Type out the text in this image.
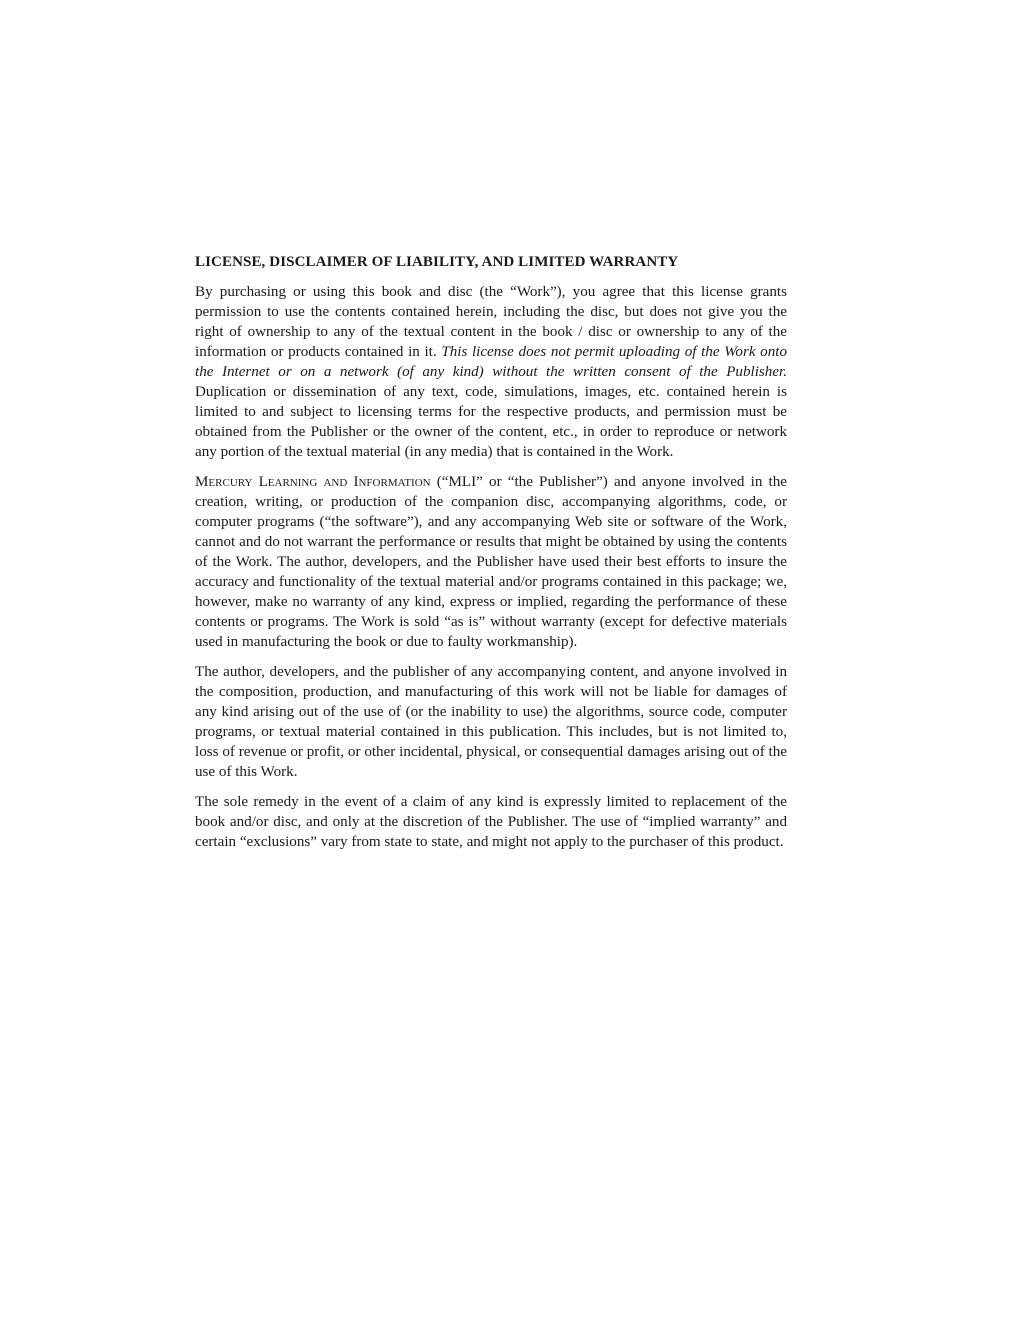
LICENSE, DISCLAIMER OF LIABILITY, AND LIMITED WARRANTY

By purchasing or using this book and disc (the “Work”), you agree that this license grants permission to use the contents contained herein, including the disc, but does not give you the right of ownership to any of the textual content in the book / disc or ownership to any of the information or products contained in it. This license does not permit uploading of the Work onto the Internet or on a network (of any kind) without the written consent of the Publisher. Duplication or dissemination of any text, code, simulations, images, etc. contained herein is limited to and subject to licensing terms for the respective products, and permission must be obtained from the Publisher or the owner of the content, etc., in order to reproduce or network any portion of the textual material (in any media) that is contained in the Work.

Mercury Learning and Information (“MLI” or “the Publisher”) and anyone involved in the creation, writing, or production of the companion disc, accompanying algorithms, code, or computer programs (“the software”), and any accompanying Web site or software of the Work, cannot and do not warrant the performance or results that might be obtained by using the contents of the Work. The author, developers, and the Publisher have used their best efforts to insure the accuracy and functionality of the textual material and/or programs contained in this package; we, however, make no warranty of any kind, express or implied, regarding the performance of these contents or programs. The Work is sold “as is” without warranty (except for defective materials used in manufacturing the book or due to faulty workmanship).

The author, developers, and the publisher of any accompanying content, and anyone involved in the composition, production, and manufacturing of this work will not be liable for damages of any kind arising out of the use of (or the inability to use) the algorithms, source code, computer programs, or textual material contained in this publication. This includes, but is not limited to, loss of revenue or profit, or other incidental, physical, or consequential damages arising out of the use of this Work.

The sole remedy in the event of a claim of any kind is expressly limited to replacement of the book and/or disc, and only at the discretion of the Publisher. The use of “implied warranty” and certain “exclusions” vary from state to state, and might not apply to the purchaser of this product.
